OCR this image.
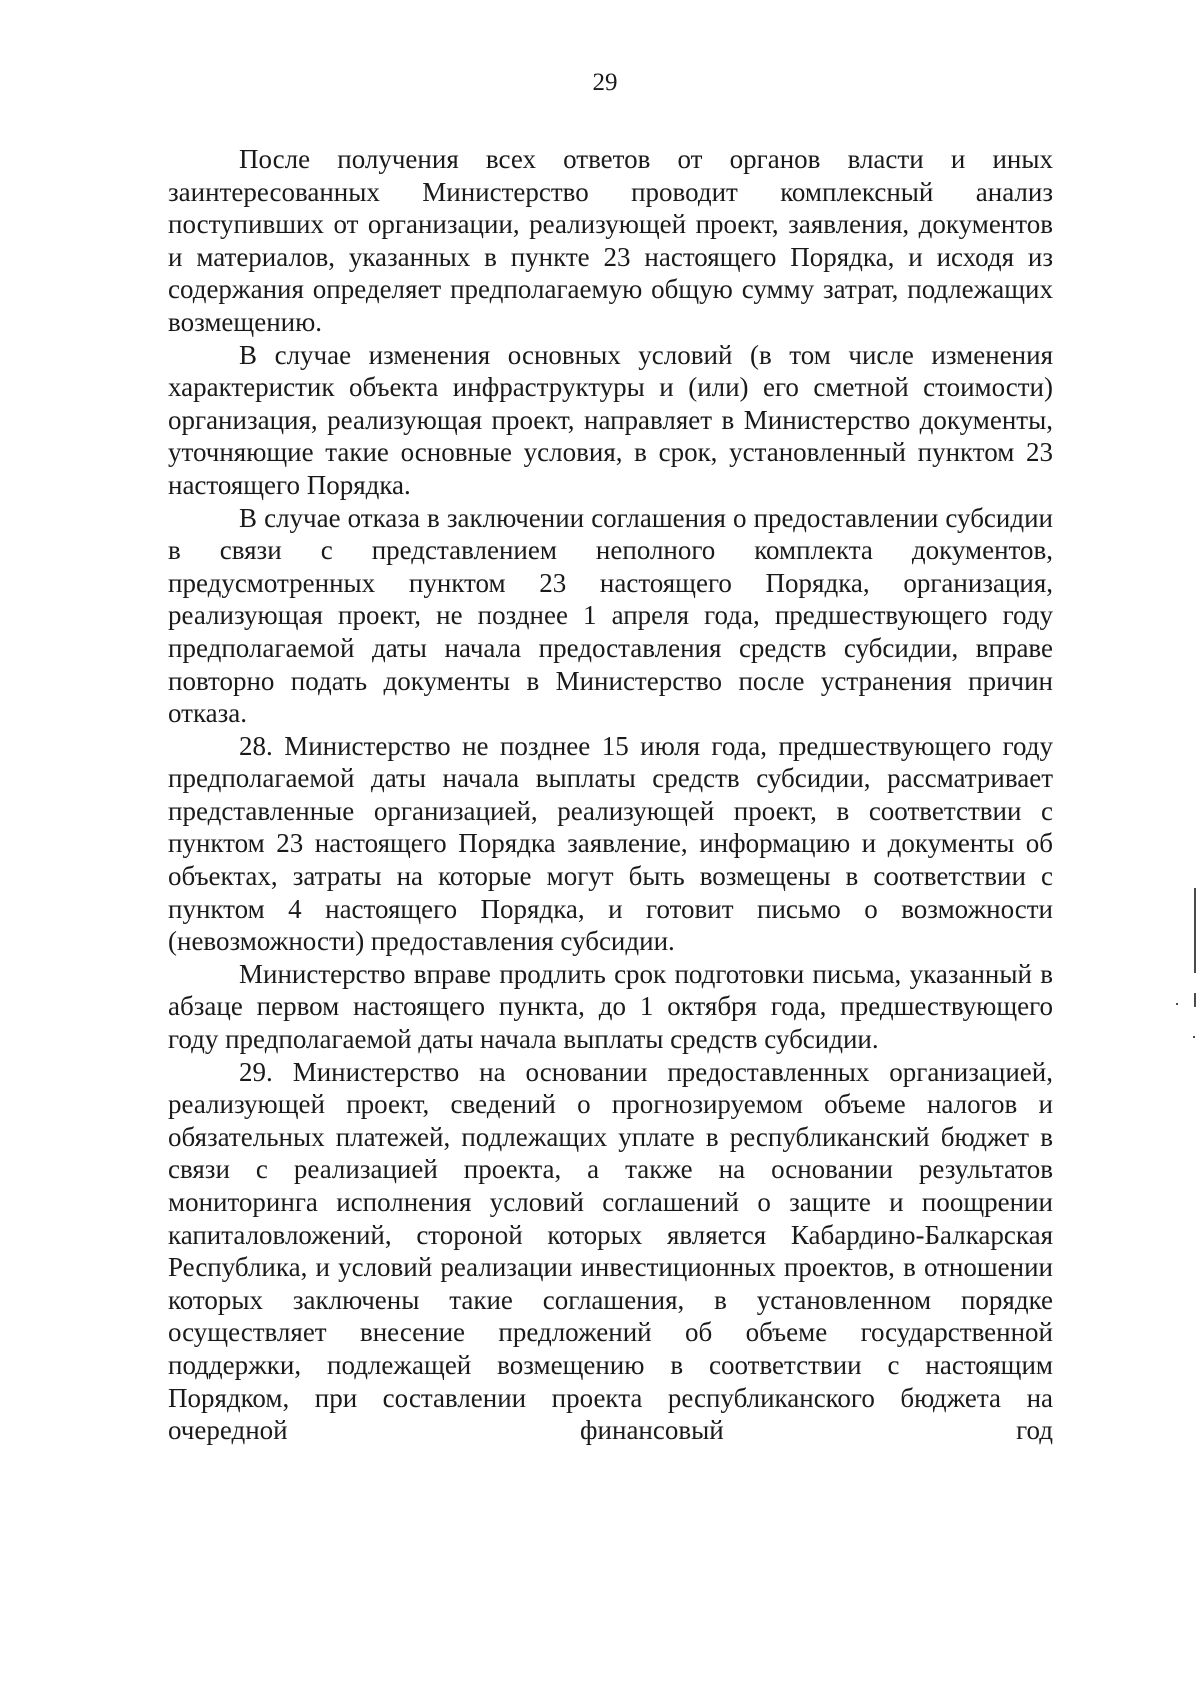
29

После получения всех ответов от органов власти и иных заинтересованных Министерство проводит комплексный анализ поступивших от организации, реализующей проект, заявления, документов и материалов, указанных в пункте 23 настоящего Порядка, и исходя из содержания определяет предполагаемую общую сумму затрат, подлежащих возмещению.

В случае изменения основных условий (в том числе изменения характеристик объекта инфраструктуры и (или) его сметной стоимости) организация, реализующая проект, направляет в Министерство документы, уточняющие такие основные условия, в срок, установленный пунктом 23 настоящего Порядка.

В случае отказа в заключении соглашения о предоставлении субсидии в связи с представлением неполного комплекта документов, предусмотренных пунктом 23 настоящего Порядка, организация, реализующая проект, не позднее 1 апреля года, предшествующего году предполагаемой даты начала предоставления средств субсидии, вправе повторно подать документы в Министерство после устранения причин отказа.

28. Министерство не позднее 15 июля года, предшествующего году предполагаемой даты начала выплаты средств субсидии, рассматривает представленные организацией, реализующей проект, в соответствии с пунктом 23 настоящего Порядка заявление, информацию и документы об объектах, затраты на которые могут быть возмещены в соответствии с пунктом 4 настоящего Порядка, и готовит письмо о возможности (невозможности) предоставления субсидии.

Министерство вправе продлить срок подготовки письма, указанный в абзаце первом настоящего пункта, до 1 октября года, предшествующего году предполагаемой даты начала выплаты средств субсидии.

29. Министерство на основании предоставленных организацией, реализующей проект, сведений о прогнозируемом объеме налогов и обязательных платежей, подлежащих уплате в республиканский бюджет в связи с реализацией проекта, а также на основании результатов мониторинга исполнения условий соглашений о защите и поощрении капиталовложений, стороной которых является Кабардино-Балкарская Республика, и условий реализации инвестиционных проектов, в отношении которых заключены такие соглашения, в установленном порядке осуществляет внесение предложений об объеме государственной поддержки, подлежащей возмещению в соответствии с настоящим Порядком, при составлении проекта республиканского бюджета на очередной финансовый год
